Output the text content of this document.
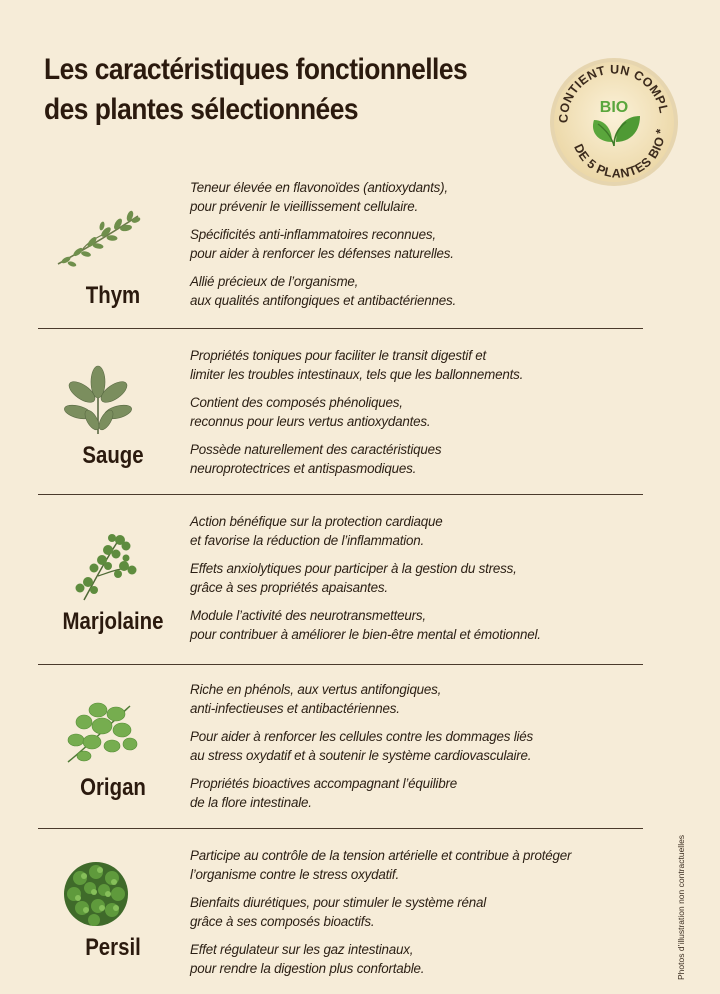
Les caractéristiques fonctionnelles
des plantes sélectionnées	CONTIENT UN COMPL
DE 5 PLANTES BIO *
BIO
Thym

Teneur élevée en flavonoïdes (antioxydants),
pour prévenir le vieillissement cellulaire.

Spécificités anti-inflammatoires reconnues,
pour aider à renforcer les défenses naturelles.

Allié précieux de l’organisme,
aux qualités antifongiques et antibactériennes.

Sauge

Propriétés toniques pour faciliter le transit digestif et
limiter les troubles intestinaux, tels que les ballonnements.

Contient des composés phénoliques,
reconnus pour leurs vertus antioxydantes.

Possède naturellement des caractéristiques
neuroprotectrices et antispasmodiques.

Marjolaine

Action bénéfique sur la protection cardiaque
et favorise la réduction de l’inflammation.

Effets anxiolytiques pour participer à la gestion du stress,
grâce à ses propriétés apaisantes.

Module l’activité des neurotransmetteurs,
pour contribuer à améliorer le bien-être mental et émotionnel.

Origan

Riche en phénols, aux vertus antifongiques,
anti-infectieuses et antibactériennes.

Pour aider à renforcer les cellules contre les dommages liés
au stress oxydatif et à soutenir le système cardiovasculaire.

Propriétés bioactives accompagnant l’équilibre
de la flore intestinale.

Persil

Participe au contrôle de la tension artérielle et contribue à protéger
l’organisme contre le stress oxydatif.

Bienfaits diurétiques, pour stimuler le système rénal
grâce à ses composés bioactifs.

Effet régulateur sur les gaz intestinaux,
pour rendre la digestion plus confortable.	Photos d’illustration non contractuelles
